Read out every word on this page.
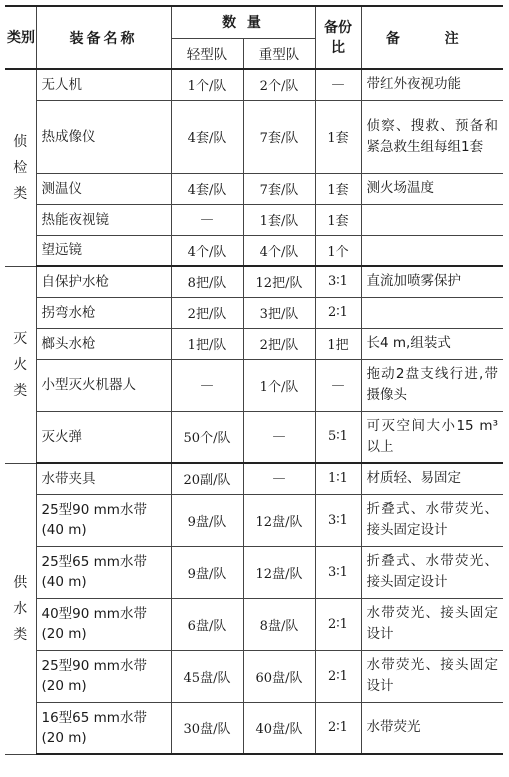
类别	装备名称	数 量		备份比	备 注
		轻型队	重型队		

侦检类	无人机	1个/队	2个/队	—	带红外夜视功能
	热成像仪	4套/队	7套/队	1套	侦察、搜救、预备和紧急救生组每组1套
	测温仪	4套/队	7套/队	1套	测火场温度
	热能夜视镜	—	1套/队	1套	
	望远镜	4个/队	4个/队	1个	

灭火类	自保护水枪	8把/队	12把/队	3∶1	直流加喷雾保护
	拐弯水枪	2把/队	3把/队	2∶1	
	榔头水枪	1把/队	2把/队	1把	长4 m,组装式
	小型灭火机器人	—	1个/队	—	拖动2盘支线行进,带摄像头
	灭火弹	50个/队	—	5∶1	可灭空间大小15 m³以上

供水类	水带夹具	20副/队	—	1∶1	材质轻、易固定
	25型90 mm水带(40 m)	9盘/队	12盘/队	3∶1	折叠式、水带荧光、接头固定设计
	25型65 mm水带(40 m)	9盘/队	12盘/队	3∶1	折叠式、水带荧光、接头固定设计
	40型90 mm水带(20 m)	6盘/队	8盘/队	2∶1	水带荧光、接头固定设计
	25型90 mm水带(20 m)	45盘/队	60盘/队	2∶1	水带荧光、接头固定设计
	16型65 mm水带(20 m)	30盘/队	40盘/队	2∶1	水带荧光
